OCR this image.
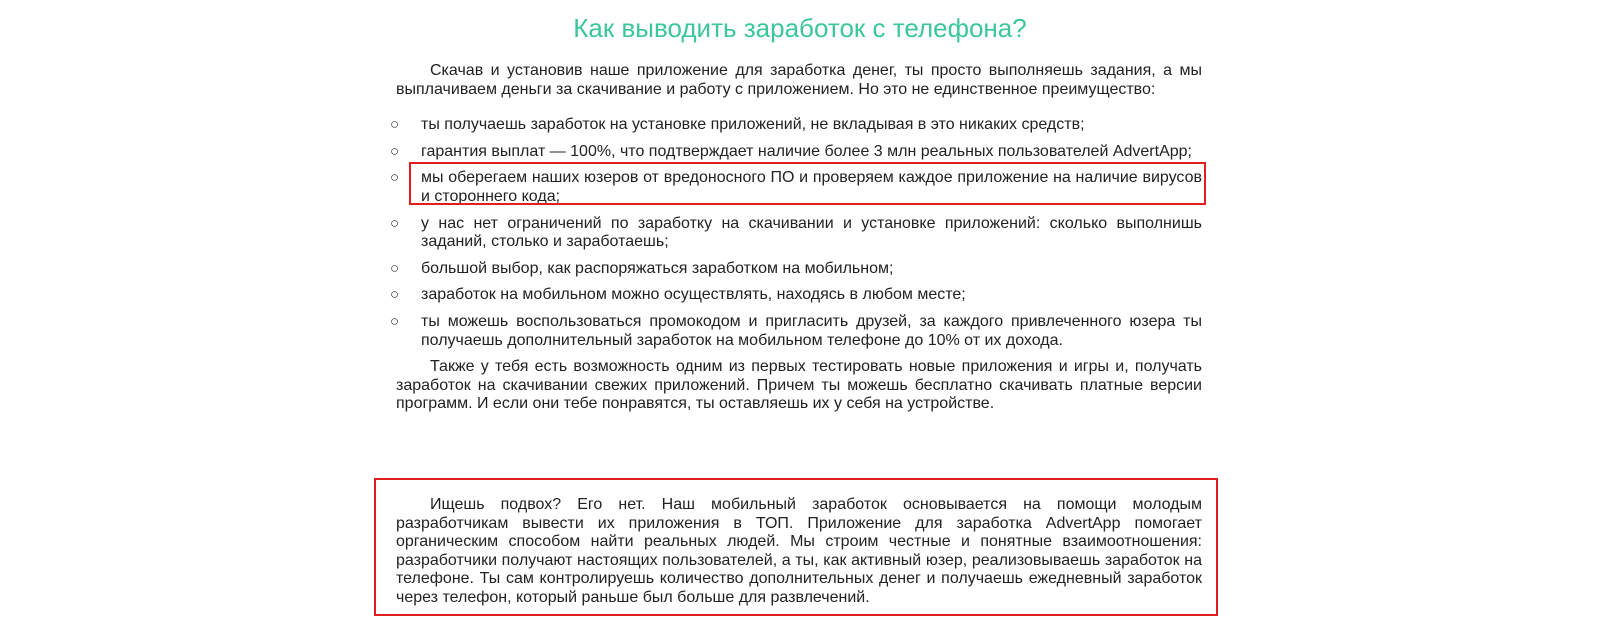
Как выводить заработок с телефона?

Скачав и установив наше приложение для заработка денег, ты просто выполняешь задания, а мы выплачиваем деньги за скачивание и работу с приложением. Но это не единственное преимущество:

○ ты получаешь заработок на установке приложений, не вкладывая в это никаких средств;
○ гарантия выплат — 100%, что подтверждает наличие более 3 млн реальных пользователей AdvertApp;
○ мы оберегаем наших юзеров от вредоносного ПО и проверяем каждое приложение на наличие вирусов и стороннего кода;
○ у нас нет ограничений по заработку на скачивании и установке приложений: сколько выполнишь заданий, столько и заработаешь;
○ большой выбор, как распоряжаться заработком на мобильном;
○ заработок на мобильном можно осуществлять, находясь в любом месте;
○ ты можешь воспользоваться промокодом и пригласить друзей, за каждого привлеченного юзера ты получаешь дополнительный заработок на мобильном телефоне до 10% от их дохода.

Также у тебя есть возможность одним из первых тестировать новые приложения и игры и, получать заработок на скачивании свежих приложений. Причем ты можешь бесплатно скачивать платные версии программ. И если они тебе понравятся, ты оставляешь их у себя на устройстве.

Ищешь подвох? Его нет. Наш мобильный заработок основывается на помощи молодым разработчикам вывести их приложения в ТОП. Приложение для заработка AdvertApp помогает органическим способом найти реальных людей. Мы строим честные и понятные взаимоотношения: разработчики получают настоящих пользователей, а ты, как активный юзер, реализовываешь заработок на телефоне. Ты сам контролируешь количество дополнительных денег и получаешь ежедневный заработок через телефон, который раньше был больше для развлечений.
